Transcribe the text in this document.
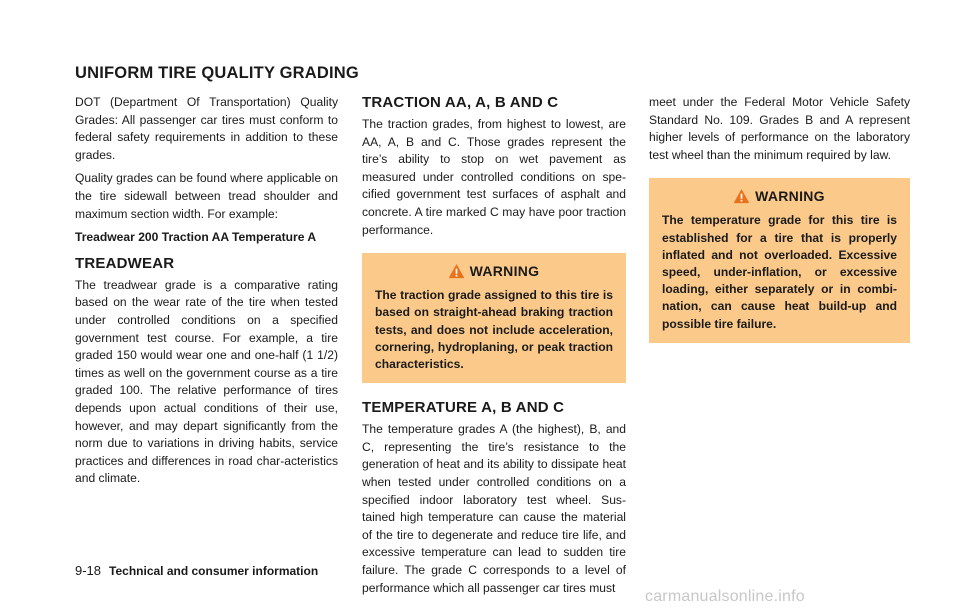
UNIFORM TIRE QUALITY GRADING

DOT (Department Of Transportation) Quality Grades: All passenger car tires must conform to federal safety requirements in addition to these grades.

Quality grades can be found where applicable on the tire sidewall between tread shoulder and maximum section width. For example:

Treadwear 200 Traction AA Temperature A

TREADWEAR

The treadwear grade is a comparative rating based on the wear rate of the tire when tested under controlled conditions on a specified government test course. For example, a tire graded 150 would wear one and one-half (1 1/2) times as well on the government course as a tire graded 100. The relative performance of tires depends upon actual conditions of their use, however, and may depart significantly from the norm due to variations in driving habits, service practices and differences in road char-acteristics and climate.

TRACTION AA, A, B AND C

The traction grades, from highest to lowest, are AA, A, B and C. Those grades represent the tire’s ability to stop on wet pavement as measured under controlled conditions on spe-cified government test surfaces of asphalt and concrete. A tire marked C may have poor traction performance.

WARNING

The traction grade assigned to this tire is based on straight-ahead braking traction tests, and does not include acceleration, cornering, hydroplaning, or peak traction characteristics.

TEMPERATURE A, B AND C

The temperature grades A (the highest), B, and C, representing the tire’s resistance to the generation of heat and its ability to dissipate heat when tested under controlled conditions on a specified indoor laboratory test wheel. Sus-tained high temperature can cause the material of the tire to degenerate and reduce tire life, and excessive temperature can lead to sudden tire failure. The grade C corresponds to a level of performance which all passenger car tires must

meet under the Federal Motor Vehicle Safety Standard No. 109. Grades B and A represent higher levels of performance on the laboratory test wheel than the minimum required by law.

WARNING

The temperature grade for this tire is established for a tire that is properly inflated and not overloaded. Excessive speed, under-inflation, or excessive loading, either separately or in combi-nation, can cause heat build-up and possible tire failure.

9-18 Technical and consumer information
carmanualsonline.info
